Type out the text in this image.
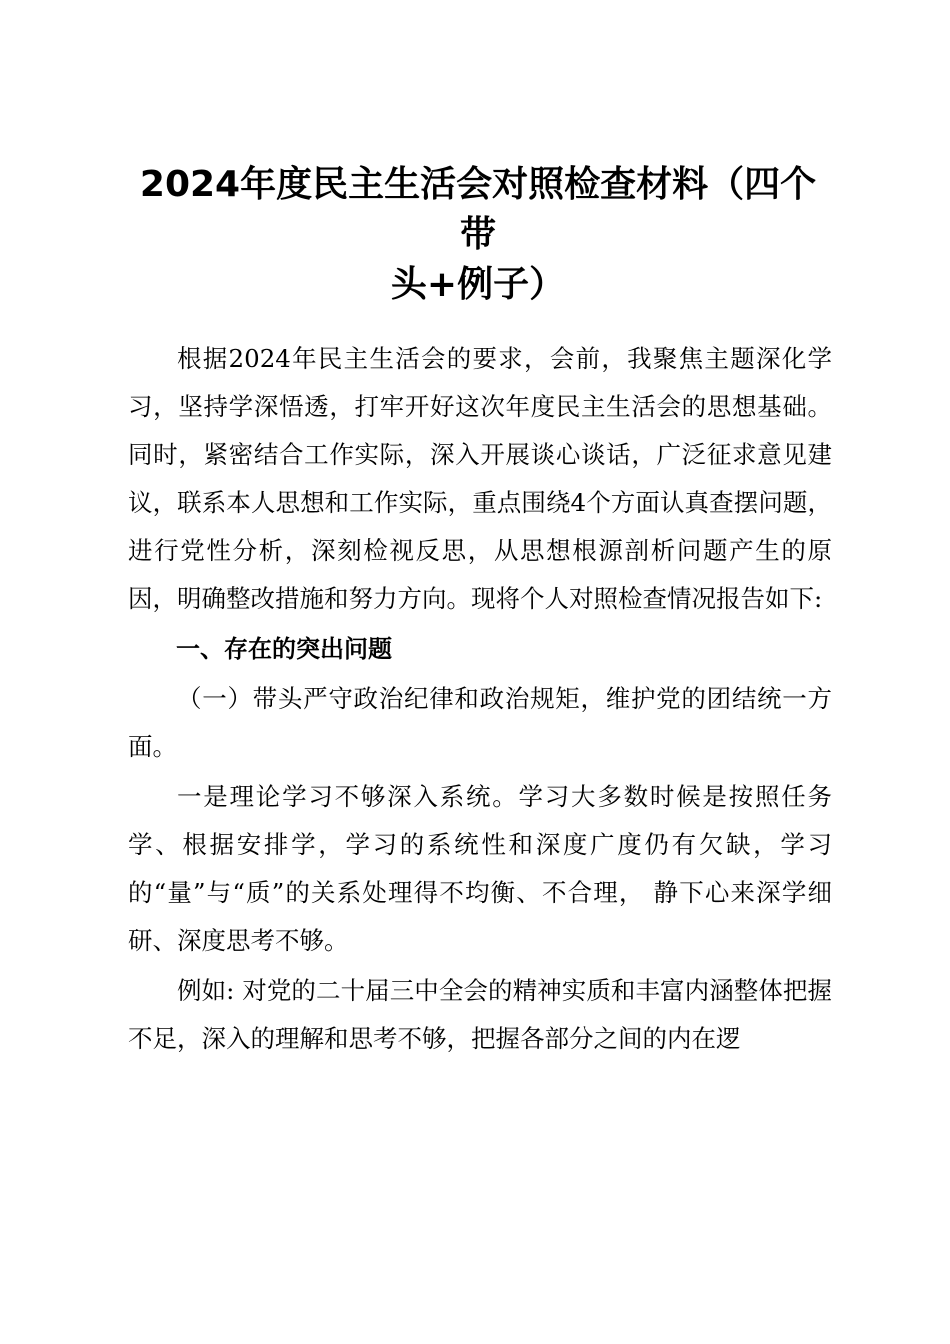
2024年度民主生活会对照检查材料（四个带
头+例子）

根据2024年民主生活会的要求，会前，我聚焦主题深化学习，坚持学深悟透，打牢开好这次年度民主生活会的思想基础。同时，紧密结合工作实际，深入开展谈心谈话，广泛征求意见建议，联系本人思想和工作实际，重点围绕4个方面认真查摆问题，进行党性分析，深刻检视反思，从思想根源剖析问题产生的原因，明确整改措施和努力方向。现将个人对照检查情况报告如下:

一、存在的突出问题

（一）带头严守政治纪律和政治规矩，维护党的团结统一方面。

一是理论学习不够深入系统。学习大多数时候是按照任务学、根据安排学，学习的系统性和深度广度仍有欠缺，学习的“量”与“质”的关系处理得不均衡、不合理， 静下心来深学细研、深度思考不够。

例如: 对党的二十届三中全会的精神实质和丰富内涵整体把握不足，深入的理解和思考不够，把握各部分之间的内在逻
